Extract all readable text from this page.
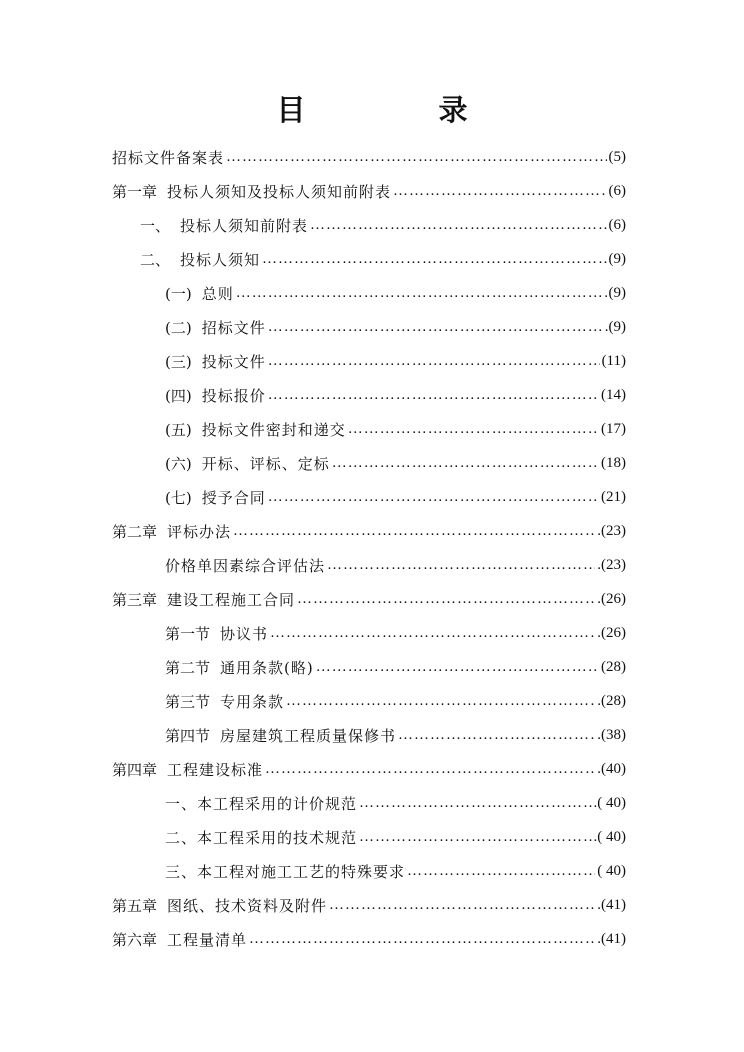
目　录
招标文件备案表 …………………………………………………………………………………………………………………………………………	(5)
第一章 投标人须知及投标人须知前附表 …………………………………………………………………………………………………………………………………………	(6)
一、 投标人须知前附表 …………………………………………………………………………………………………………………………………………	(6)
二、 投标人须知 …………………………………………………………………………………………………………………………………………	(9)
(一) 总则 …………………………………………………………………………………………………………………………………………	(9)
(二) 招标文件 …………………………………………………………………………………………………………………………………………	.(9)
(三) 投标文件 …………………………………………………………………………………………………………………………………………	(11)
(四) 投标报价 …………………………………………………………………………………………………………………………………………	(14)
(五) 投标文件密封和递交 …………………………………………………………………………………………………………………………………………	(17)
(六) 开标、评标、定标 …………………………………………………………………………………………………………………………………………	(18)
(七) 授予合同 …………………………………………………………………………………………………………………………………………	(21)
第二章 评标办法 …………………………………………………………………………………………………………………………………………	.(23)
价格单因素综合评估法 …………………………………………………………………………………………………………………………………………	.(23)
第三章 建设工程施工合同 …………………………………………………………………………………………………………………………………………	.(26)
第一节 协议书 …………………………………………………………………………………………………………………………………………	.(26)
第二节 通用条款(略) …………………………………………………………………………………………………………………………………………	(28)
第三节 专用条款 …………………………………………………………………………………………………………………………………………	.(28)
第四节 房屋建筑工程质量保修书 …………………………………………………………………………………………………………………………………………	.(38)
第四章 工程建设标准 …………………………………………………………………………………………………………………………………………	.(40)
一、本工程采用的计价规范 …………………………………………………………………………………………………………………………………………	.( 40)
二、本工程采用的技术规范 …………………………………………………………………………………………………………………………………………	.( 40)
三、本工程对施工工艺的特殊要求 …………………………………………………………………………………………………………………………………………	( 40)
第五章 图纸、技术资料及附件 …………………………………………………………………………………………………………………………………………	.(41)
第六章 工程量清单 …………………………………………………………………………………………………………………………………………	.(41)
